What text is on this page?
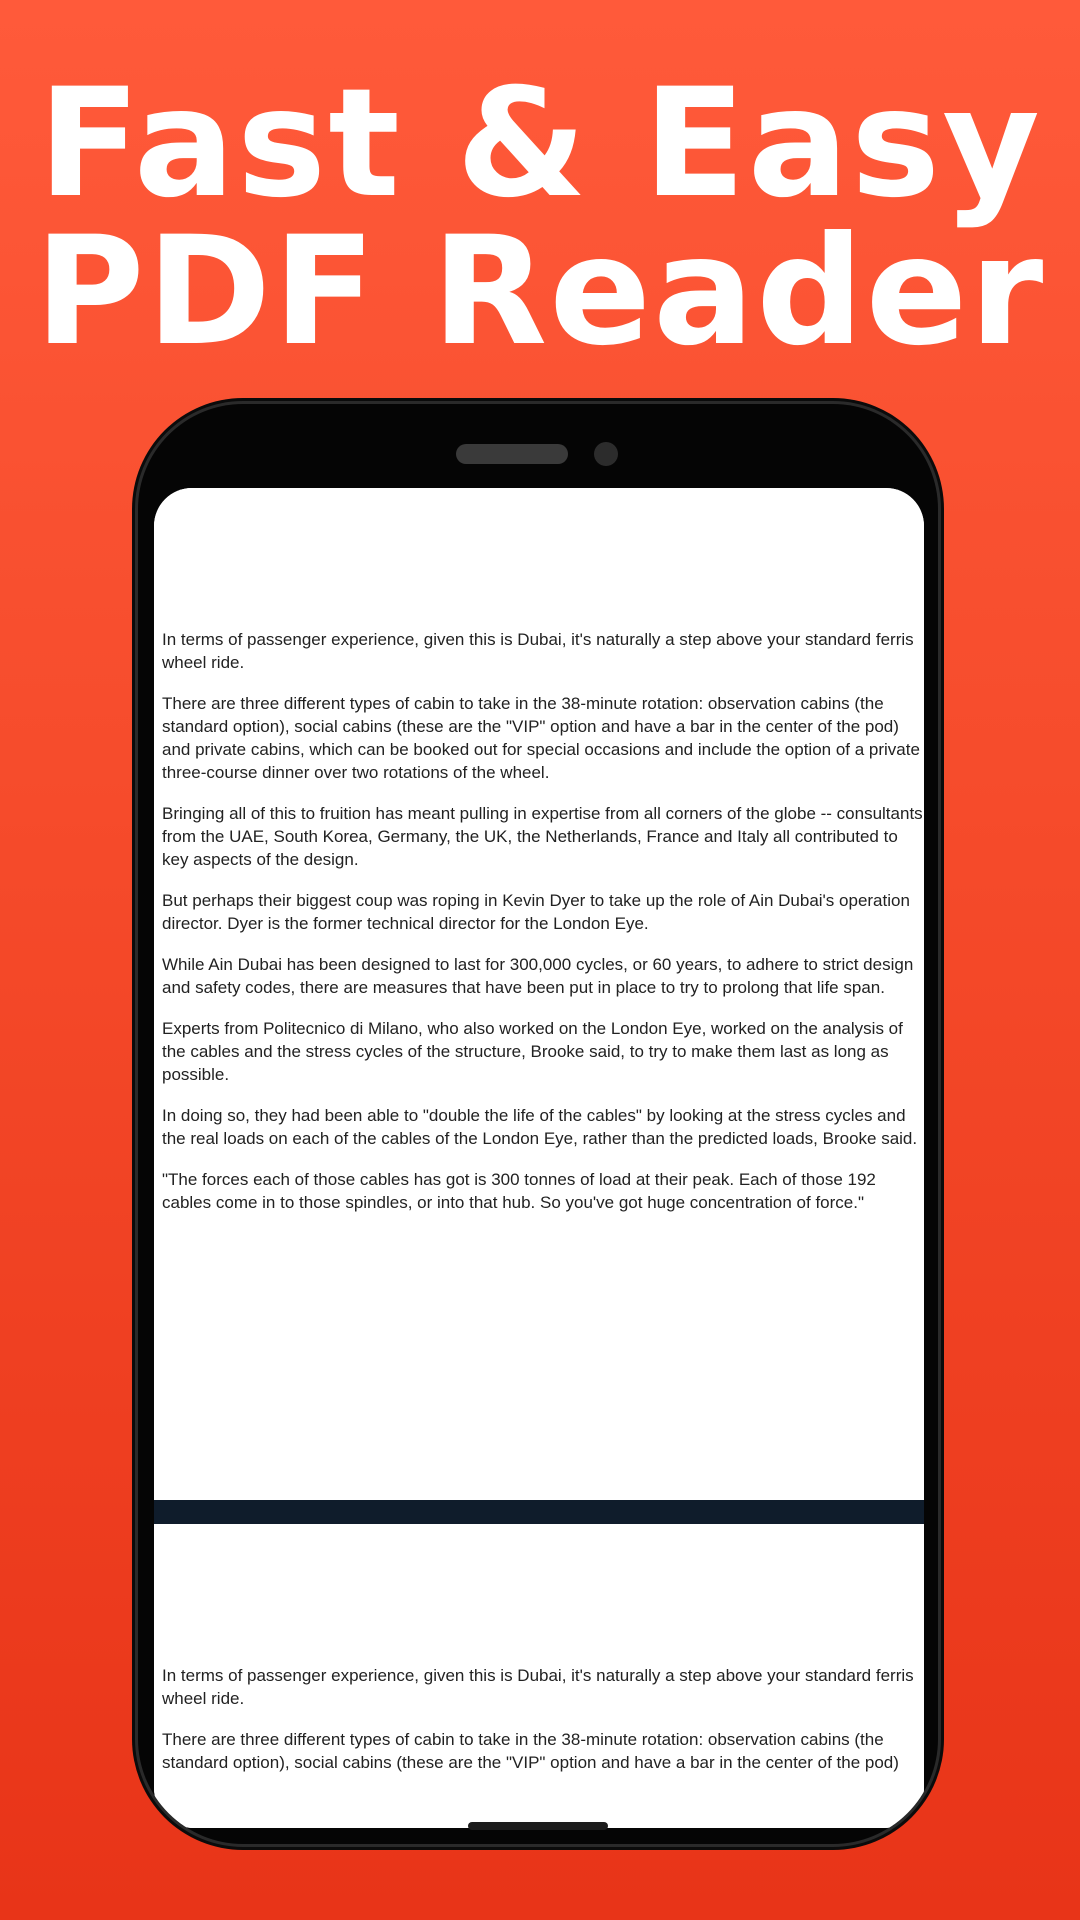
Fast & Easy
PDF Reader

In terms of passenger experience, given this is Dubai, it's naturally a step above your standard ferris wheel ride.

There are three different types of cabin to take in the 38-minute rotation: observation cabins (the standard option), social cabins (these are the "VIP" option and have a bar in the center of the pod) and private cabins, which can be booked out for special occasions and include the option of a private three-course dinner over two rotations of the wheel.

Bringing all of this to fruition has meant pulling in expertise from all corners of the globe -- consultants from the UAE, South Korea, Germany, the UK, the Netherlands, France and Italy all contributed to key aspects of the design.

But perhaps their biggest coup was roping in Kevin Dyer to take up the role of Ain Dubai's operation director. Dyer is the former technical director for the London Eye.

While Ain Dubai has been designed to last for 300,000 cycles, or 60 years, to adhere to strict design and safety codes, there are measures that have been put in place to try to prolong that life span.

Experts from Politecnico di Milano, who also worked on the London Eye, worked on the analysis of the cables and the stress cycles of the structure, Brooke said, to try to make them last as long as possible.

In doing so, they had been able to "double the life of the cables" by looking at the stress cycles and the real loads on each of the cables of the London Eye, rather than the predicted loads, Brooke said.

"The forces each of those cables has got is 300 tonnes of load at their peak. Each of those 192 cables come in to those spindles, or into that hub. So you've got huge concentration of force."

In terms of passenger experience, given this is Dubai, it's naturally a step above your standard ferris wheel ride.

There are three different types of cabin to take in the 38-minute rotation: observation cabins (the standard option), social cabins (these are the "VIP" option and have a bar in the center of the pod)
